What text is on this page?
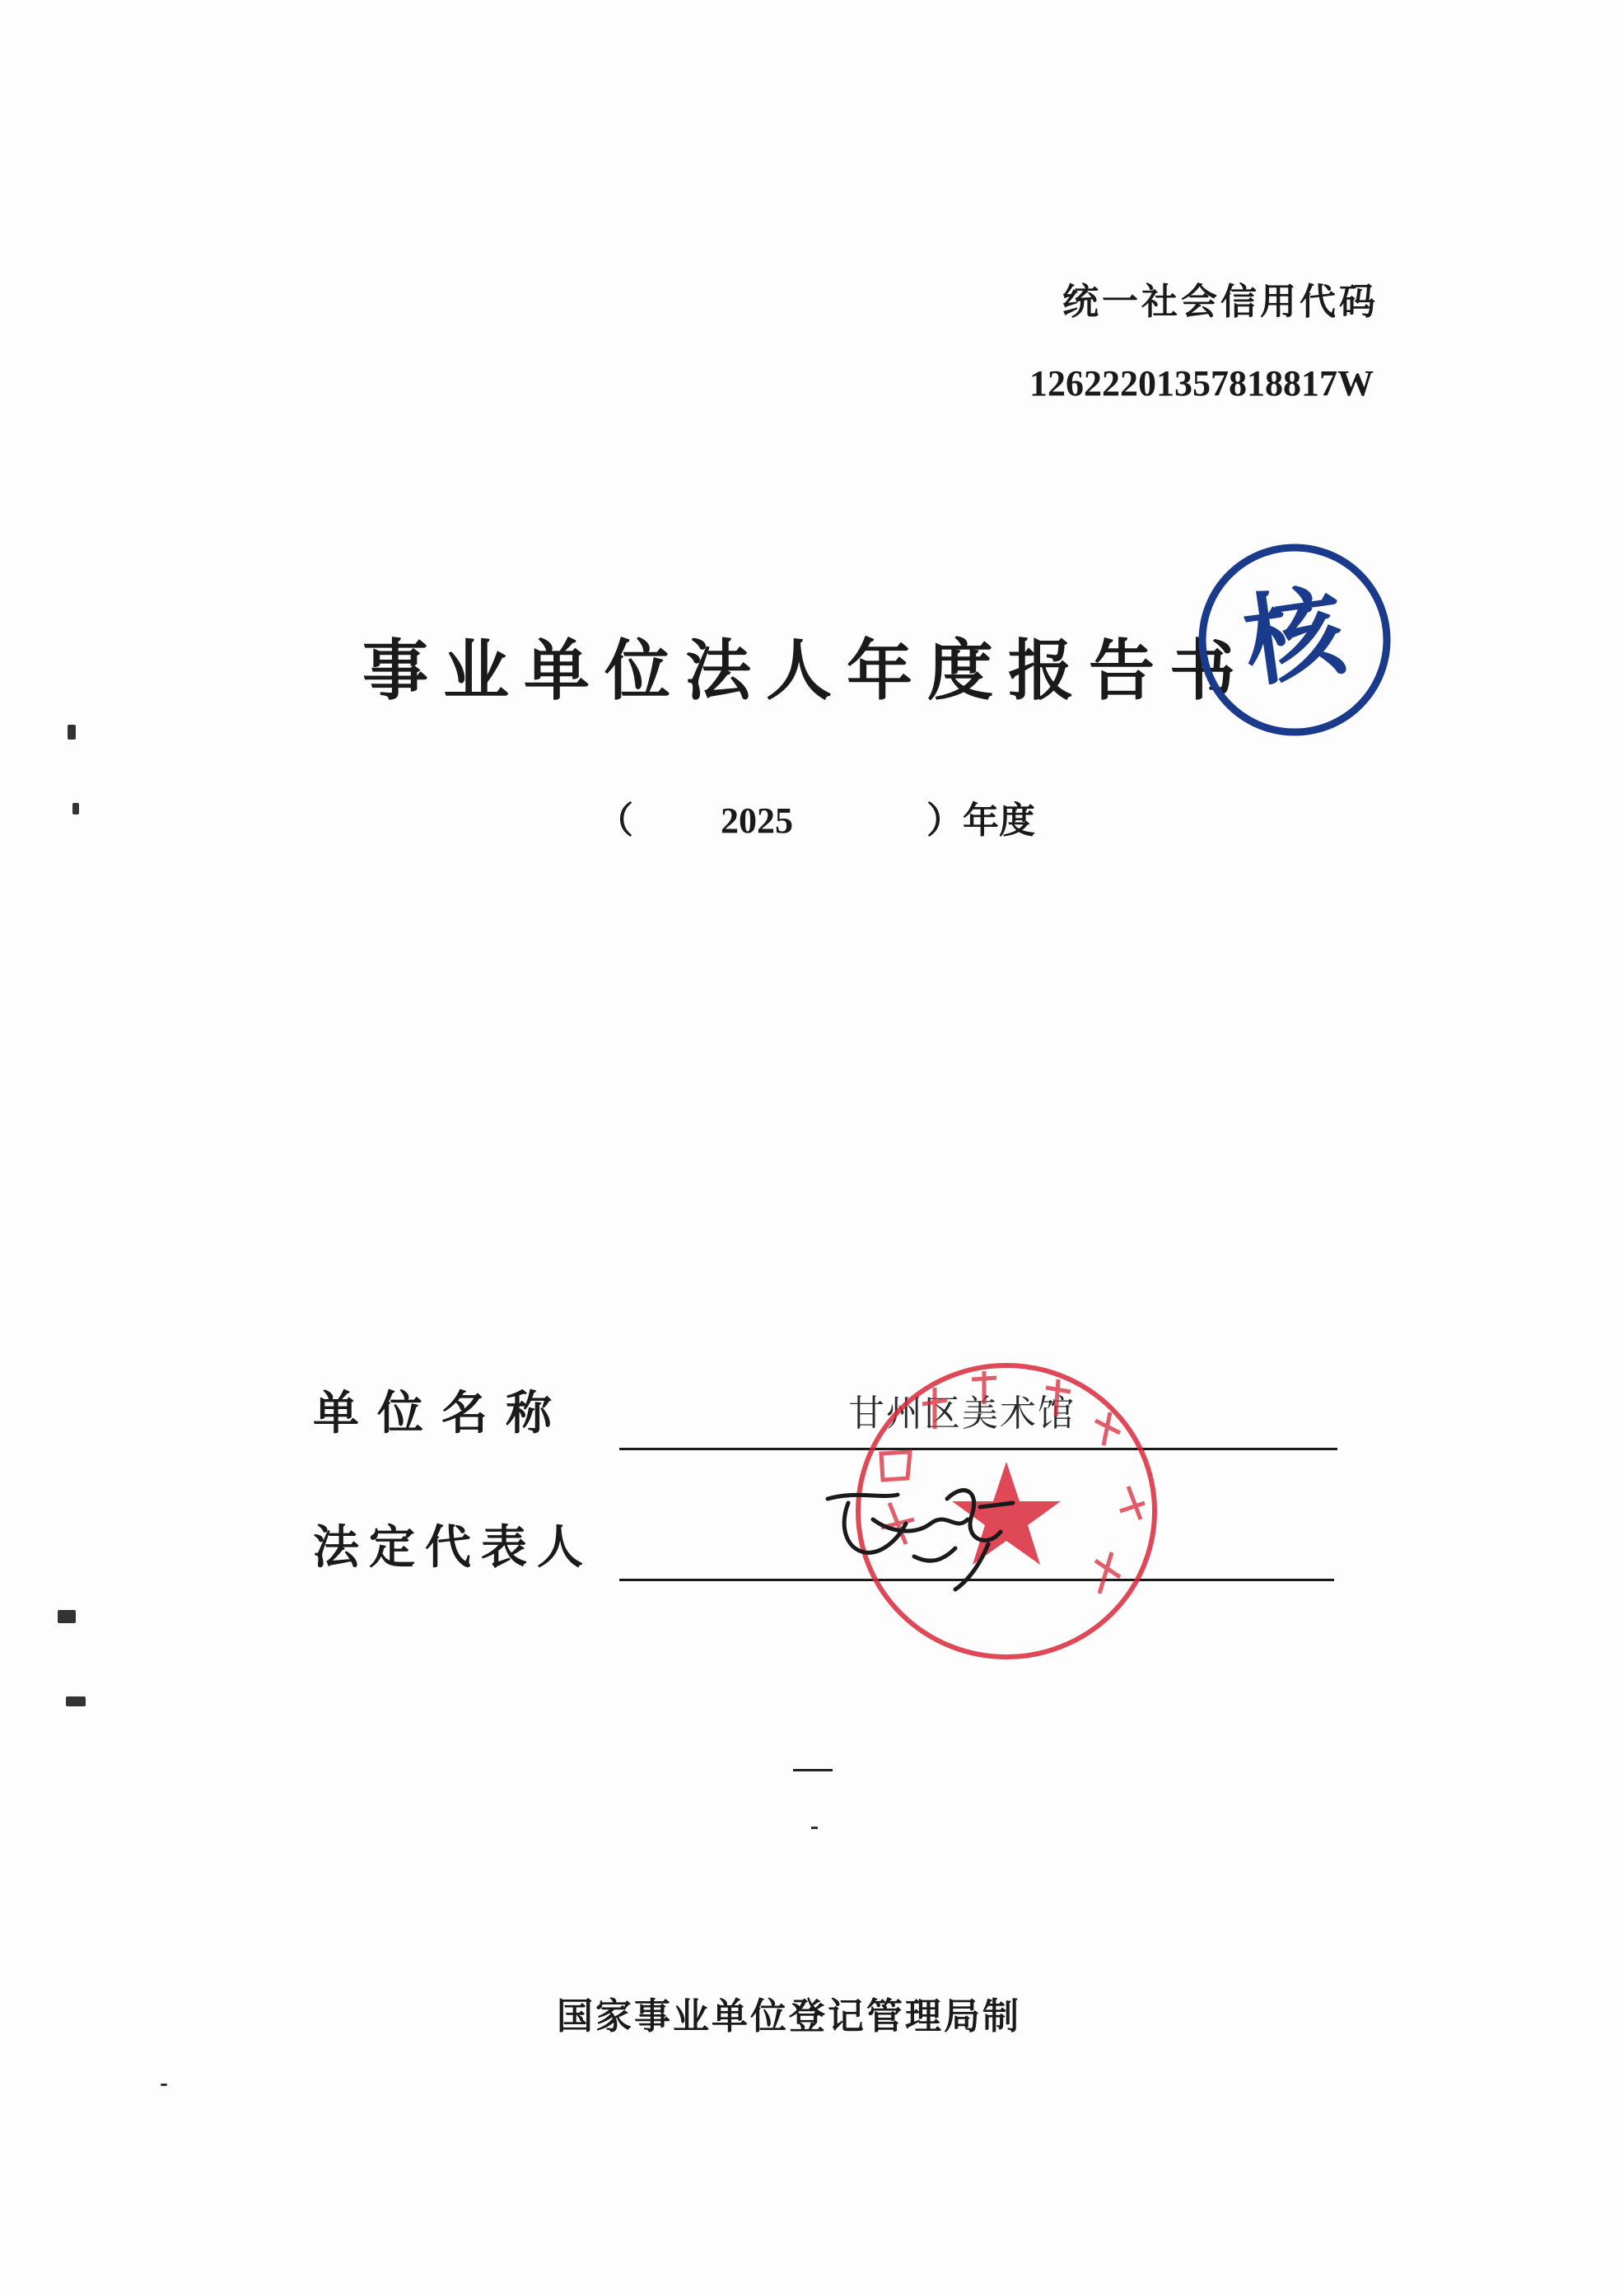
统一社会信用代码
12622201357818817W
事业单位法人年度报告书
核
（ 2025	）年度
单位名称	甘州区美术馆
法定代表人
国家事业单位登记管理局制
